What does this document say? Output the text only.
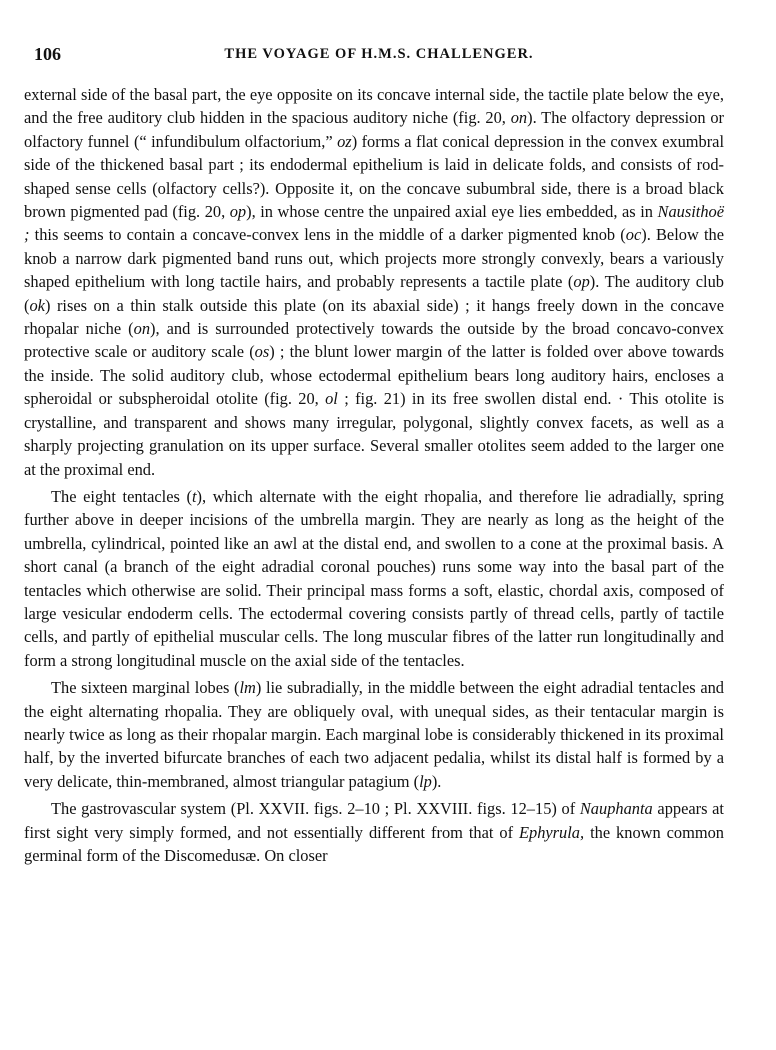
106	THE VOYAGE OF H.M.S. CHALLENGER.

external side of the basal part, the eye opposite on its concave internal side, the tactile plate below the eye, and the free auditory club hidden in the spacious auditory niche (fig. 20, on). The olfactory depression or olfactory funnel (“ infundibulum olfactorium,” oz) forms a flat conical depression in the convex exumbral side of the thickened basal part ; its endodermal epithelium is laid in delicate folds, and consists of rod-shaped sense cells (olfactory cells?). Opposite it, on the concave subumbral side, there is a broad black brown pigmented pad (fig. 20, op), in whose centre the unpaired axial eye lies embedded, as in Nausithoë ; this seems to contain a concave-convex lens in the middle of a darker pigmented knob (oc). Below the knob a narrow dark pigmented band runs out, which projects more strongly convexly, bears a variously shaped epithelium with long tactile hairs, and probably represents a tactile plate (op). The auditory club (ok) rises on a thin stalk outside this plate (on its abaxial side) ; it hangs freely down in the concave rhopalar niche (on), and is surrounded protectively towards the outside by the broad concavo-convex protective scale or auditory scale (os) ; the blunt lower margin of the latter is folded over above towards the inside. The solid auditory club, whose ectodermal epithelium bears long auditory hairs, encloses a spheroidal or subspheroidal otolite (fig. 20, ol ; fig. 21) in its free swollen distal end. · This otolite is crystalline, and transparent and shows many irregular, polygonal, slightly convex facets, as well as a sharply projecting granulation on its upper surface. Several smaller otolites seem added to the larger one at the proximal end.

The eight tentacles (t), which alternate with the eight rhopalia, and therefore lie adradially, spring further above in deeper incisions of the umbrella margin. They are nearly as long as the height of the umbrella, cylindrical, pointed like an awl at the distal end, and swollen to a cone at the proximal basis. A short canal (a branch of the eight adradial coronal pouches) runs some way into the basal part of the tentacles which otherwise are solid. Their principal mass forms a soft, elastic, chordal axis, composed of large vesicular endoderm cells. The ectodermal covering consists partly of thread cells, partly of tactile cells, and partly of epithelial muscular cells. The long muscular fibres of the latter run longitudinally and form a strong longitudinal muscle on the axial side of the tentacles.

The sixteen marginal lobes (lm) lie subradially, in the middle between the eight adradial tentacles and the eight alternating rhopalia. They are obliquely oval, with unequal sides, as their tentacular margin is nearly twice as long as their rhopalar margin. Each marginal lobe is considerably thickened in its proximal half, by the inverted bifurcate branches of each two adjacent pedalia, whilst its distal half is formed by a very delicate, thin-membraned, almost triangular patagium (lp).

The gastrovascular system (Pl. XXVII. figs. 2–10 ; Pl. XXVIII. figs. 12–15) of Nauphanta appears at first sight very simply formed, and not essentially different from that of Ephyrula, the known common germinal form of the Discomedusæ. On closer
